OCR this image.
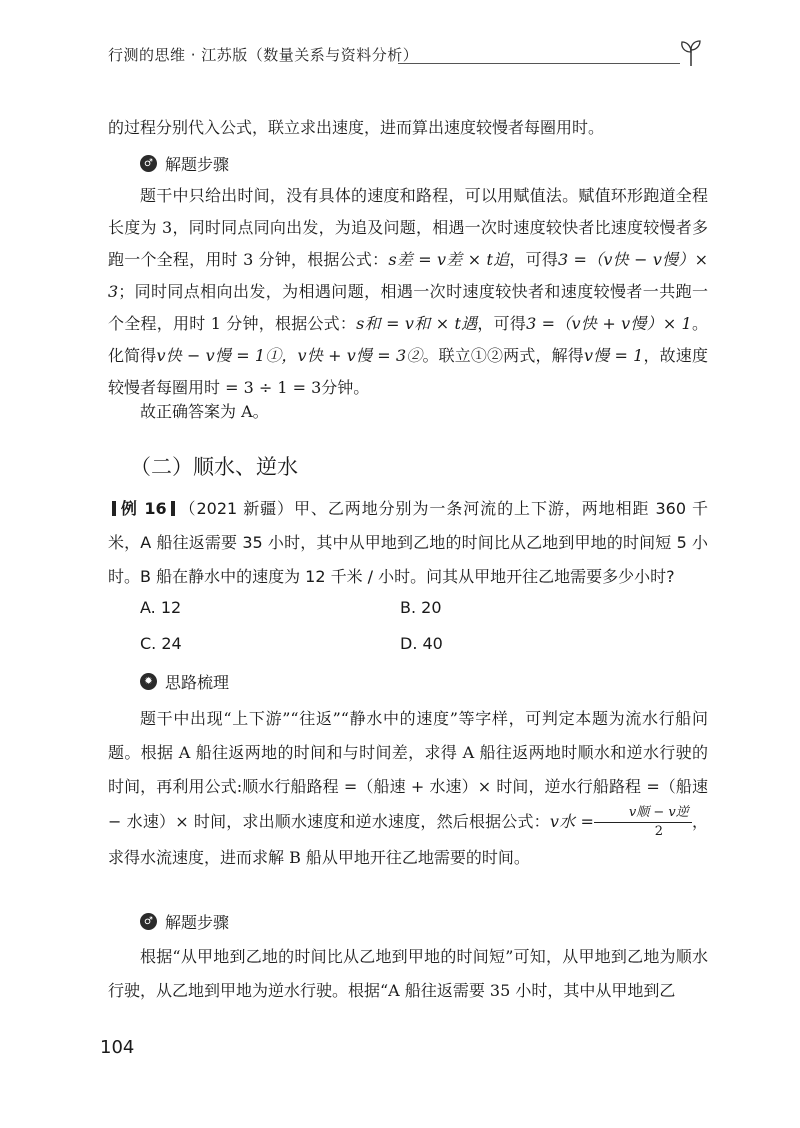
行测的思维 · 江苏版（数量关系与资料分析）
的过程分别代入公式，联立求出速度，进而算出速度较慢者每圈用时。
♂ 解题步骤
题干中只给出时间，没有具体的速度和路程，可以用赋值法。赋值环形跑道全程长度为 3，同时同点同向出发，为追及问题，相遇一次时速度较快者比速度较慢者多跑一个全程，用时 3 分钟，根据公式：s差 = v差 × t追，可得3 =（v快 − v慢）× 3；同时同点相向出发，为相遇问题，相遇一次时速度较快者和速度较慢者一共跑一个全程，用时 1 分钟，根据公式：s和 = v和 × t遇，可得3 =（v快 + v慢）× 1。化简得v快 − v慢 = 1①，v快 + v慢 = 3②。联立①②两式，解得v慢 = 1，故速度较慢者每圈用时 = 3 ÷ 1 = 3分钟。
故正确答案为 A。
（二）顺水、逆水
例 16 （2021 新疆）甲、乙两地分别为一条河流的上下游，两地相距 360 千米，A 船往返需要 35 小时，其中从甲地到乙地的时间比从乙地到甲地的时间短 5 小时。B 船在静水中的速度为 12 千米 / 小时。问其从甲地开往乙地需要多少小时?
A. 12	B. 20
C. 24	D. 40
✹ 思路梳理
题干中出现“上下游”“往返”“静水中的速度”等字样，可判定本题为流水行船问题。根据 A 船往返两地的时间和与时间差，求得 A 船往返两地时顺水和逆水行驶的时间，再利用公式:顺水行船路程 =（船速 + 水速）× 时间，逆水行船路程 =（船速 − 水速）× 时间，求出顺水速度和逆水速度，然后根据公式：v水 = $\frac{\text{v顺 − v逆}}{2}$ ，求得水流速度，进而求解 B 船从甲地开往乙地需要的时间。
♂ 解题步骤
根据“从甲地到乙地的时间比从乙地到甲地的时间短”可知，从甲地到乙地为顺水行驶，从乙地到甲地为逆水行驶。根据“A 船往返需要 35 小时，其中从甲地到乙
104
